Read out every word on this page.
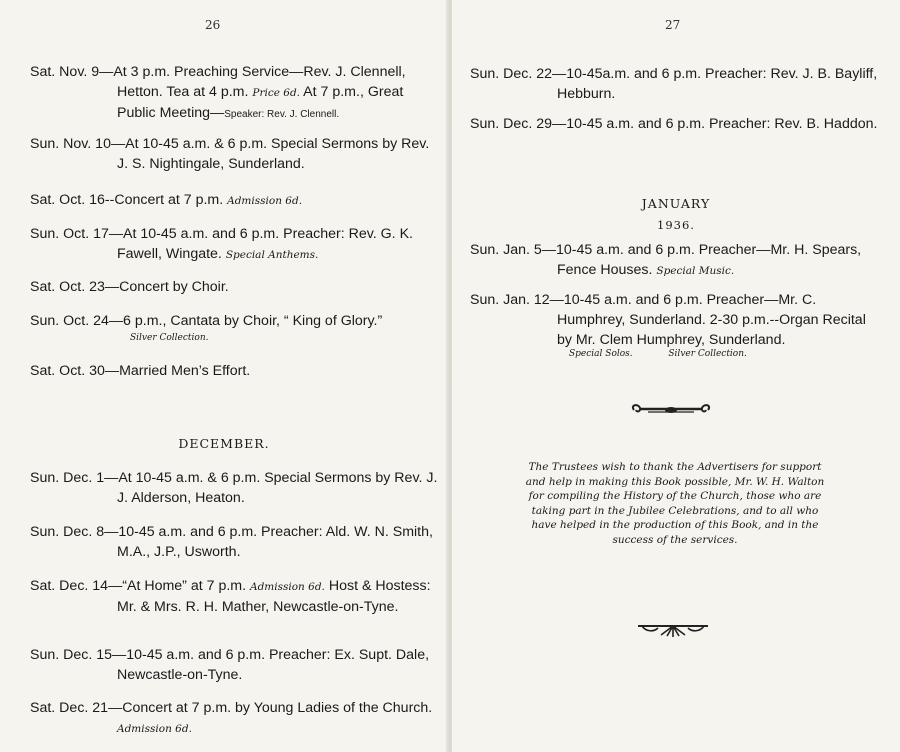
26
Sat. Nov. 9—At 3 p.m. Preaching Service—Rev. J. Clennell, Hetton. Tea at 4 p.m. Price 6d. At 7 p.m., Great Public Meeting—Speaker: Rev. J. Clennell.
Sun. Nov. 10—At 10-45 a.m. & 6 p.m. Special Sermons by Rev. J. S. Nightingale, Sunderland.
Sat. Oct. 16--Concert at 7 p.m. Admission 6d.
Sun. Oct. 17—At 10-45 a.m. and 6 p.m. Preacher: Rev. G. K. Fawell, Wingate. Special Anthems.
Sat. Oct. 23—Concert by Choir.
Sun. Oct. 24—6 p.m., Cantata by Choir, “ King of Glory.”
Silver Collection.
Sat. Oct. 30—Married Men’s Effort.
DECEMBER.
Sun. Dec. 1—At 10-45 a.m. & 6 p.m. Special Sermons by Rev. J. J. Alderson, Heaton.
Sun. Dec. 8—10-45 a.m. and 6 p.m. Preacher: Ald. W. N. Smith, M.A., J.P., Usworth.
Sat. Dec. 14—“At Home” at 7 p.m. Admission 6d. Host & Hostess: Mr. & Mrs. R. H. Mather, Newcastle-on-Tyne.
Sun. Dec. 15—10-45 a.m. and 6 p.m. Preacher: Ex. Supt. Dale, Newcastle-on-Tyne.
Sat. Dec. 21—Concert at 7 p.m. by Young Ladies of the Church. Admission 6d.
27
Sun. Dec. 22—10-45a.m. and 6 p.m. Preacher: Rev. J. B. Bayliff, Hebburn.
Sun. Dec. 29—10-45 a.m. and 6 p.m. Preacher: Rev. B. Haddon.
JANUARY
1936.
Sun. Jan. 5—10-45 a.m. and 6 p.m. Preacher—Mr. H. Spears, Fence Houses. Special Music.
Sun. Jan. 12—10-45 a.m. and 6 p.m. Preacher—Mr. C. Humphrey, Sunderland. 2-30 p.m.--Organ Recital by Mr. Clem Humphrey, Sunderland.
Special Solos.	Silver Collection.
The Trustees wish to thank the Advertisers for support and help in making this Book possible, Mr. W. H. Walton for compiling the History of the Church, those who are taking part in the Jubilee Celebrations, and to all who have helped in the production of this Book, and in the success of the services.
